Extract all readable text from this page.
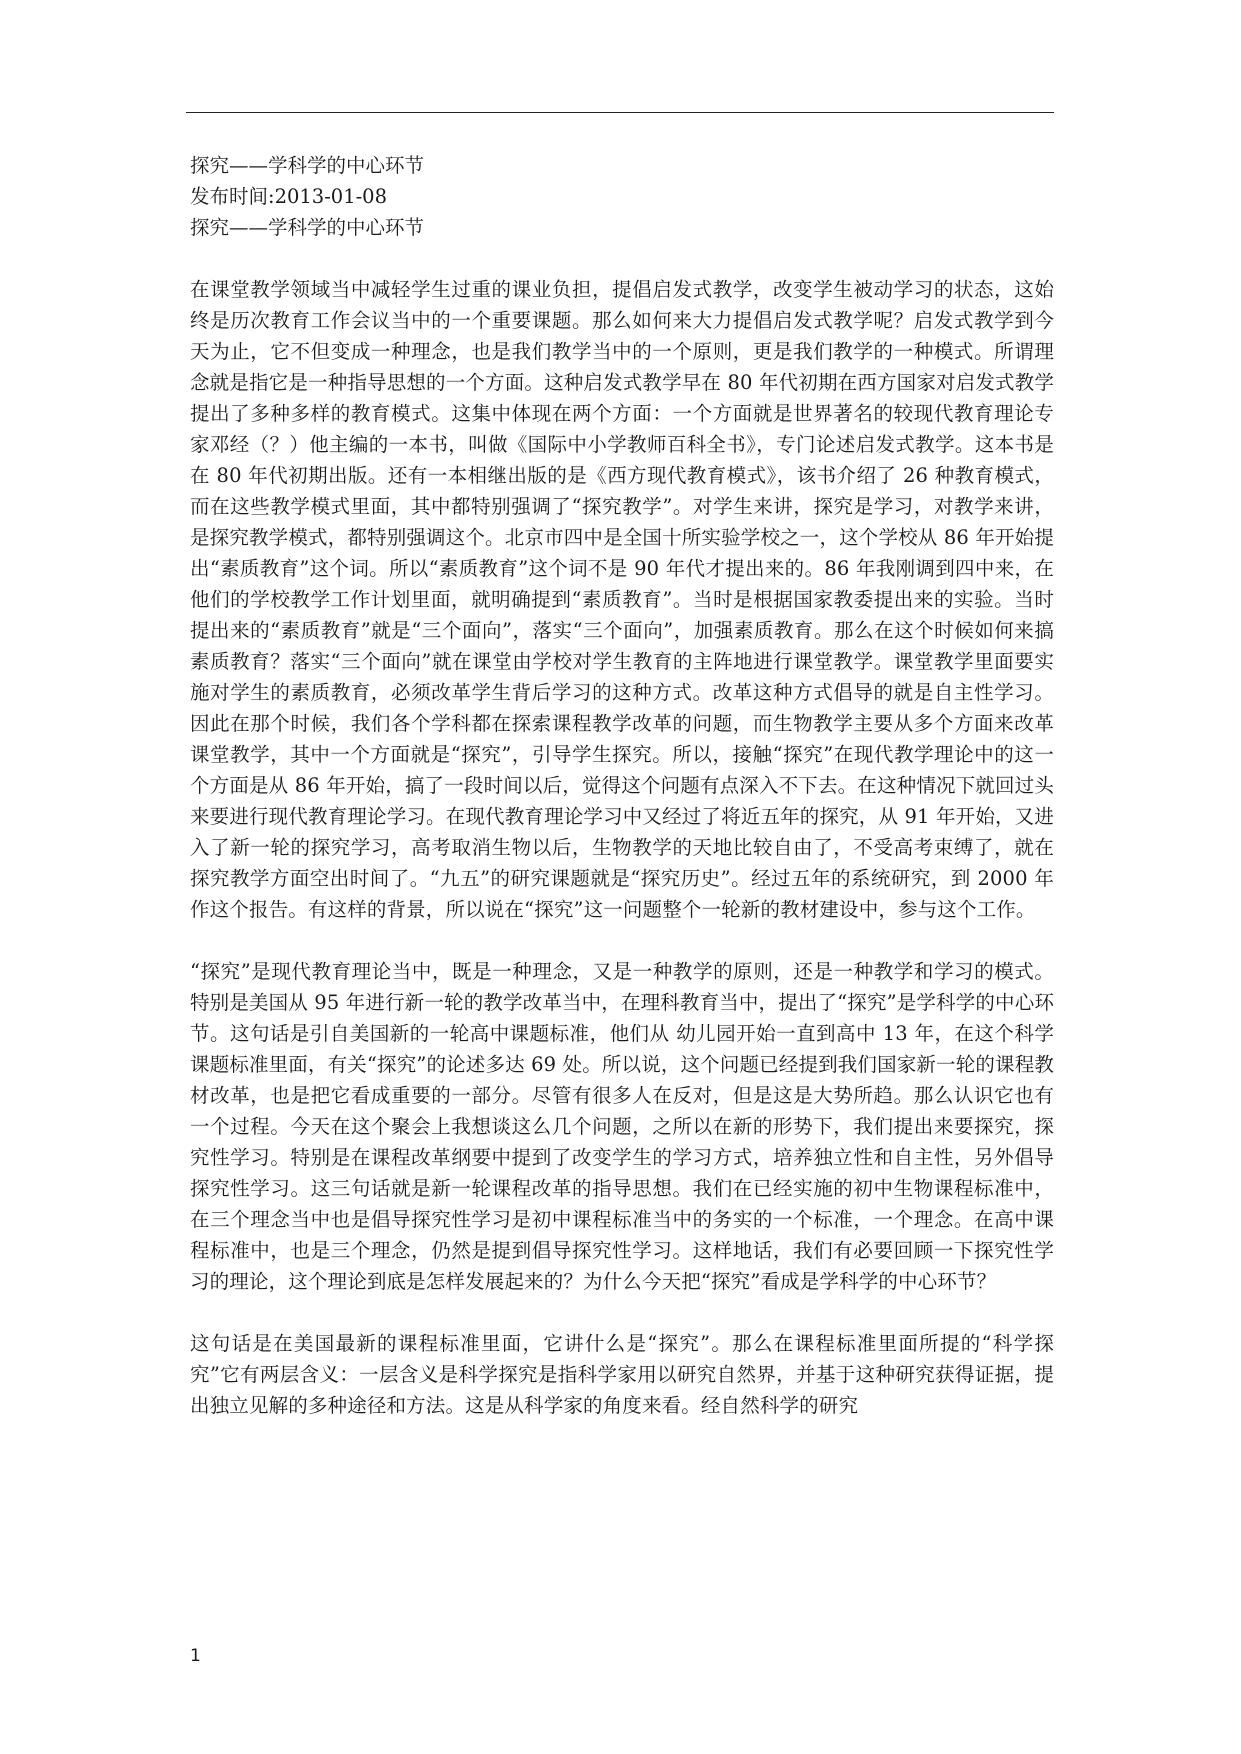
探究——学科学的中心环节
发布时间:2013-01-08
探究——学科学的中心环节

在课堂教学领域当中减轻学生过重的课业负担，提倡启发式教学，改变学生被动学习的状态，这始终是历次教育工作会议当中的一个重要课题。那么如何来大力提倡启发式教学呢？启发式教学到今天为止，它不但变成一种理念，也是我们教学当中的一个原则，更是我们教学的一种模式。所谓理念就是指它是一种指导思想的一个方面。这种启发式教学早在 80 年代初期在西方国家对启发式教学提出了多种多样的教育模式。这集中体现在两个方面：一个方面就是世界著名的较现代教育理论专家邓经（？）他主编的一本书，叫做《国际中小学教师百科全书》，专门论述启发式教学。这本书是在 80 年代初期出版。还有一本相继出版的是《西方现代教育模式》，该书介绍了 26 种教育模式，而在这些教学模式里面，其中都特别强调了“探究教学”。对学生来讲，探究是学习，对教学来讲，是探究教学模式，都特别强调这个。北京市四中是全国十所实验学校之一，这个学校从 86 年开始提出“素质教育”这个词。所以“素质教育”这个词不是 90 年代才提出来的。86 年我刚调到四中来，在他们的学校教学工作计划里面，就明确提到“素质教育”。当时是根据国家教委提出来的实验。当时提出来的“素质教育”就是“三个面向”，落实“三个面向”，加强素质教育。那么在这个时候如何来搞素质教育？落实“三个面向”就在课堂由学校对学生教育的主阵地进行课堂教学。课堂教学里面要实施对学生的素质教育，必须改革学生背后学习的这种方式。改革这种方式倡导的就是自主性学习。因此在那个时候，我们各个学科都在探索课程教学改革的问题，而生物教学主要从多个方面来改革课堂教学，其中一个方面就是“探究”，引导学生探究。所以，接触“探究”在现代教学理论中的这一个方面是从 86 年开始，搞了一段时间以后，觉得这个问题有点深入不下去。在这种情况下就回过头来要进行现代教育理论学习。在现代教育理论学习中又经过了将近五年的探究，从 91 年开始，又进入了新一轮的探究学习，高考取消生物以后，生物教学的天地比较自由了，不受高考束缚了，就在探究教学方面空出时间了。“九五”的研究课题就是“探究历史”。经过五年的系统研究，到 2000 年作这个报告。有这样的背景，所以说在“探究”这一问题整个一轮新的教材建设中，参与这个工作。

“探究”是现代教育理论当中，既是一种理念，又是一种教学的原则，还是一种教学和学习的模式。特别是美国从 95 年进行新一轮的教学改革当中，在理科教育当中，提出了“探究”是学科学的中心环节。这句话是引自美国新的一轮高中课题标准，他们从 幼儿园开始一直到高中 13 年，在这个科学课题标准里面，有关“探究”的论述多达 69 处。所以说，这个问题已经提到我们国家新一轮的课程教材改革，也是把它看成重要的一部分。尽管有很多人在反对，但是这是大势所趋。那么认识它也有一个过程。今天在这个聚会上我想谈这么几个问题，之所以在新的形势下，我们提出来要探究，探究性学习。特别是在课程改革纲要中提到了改变学生的学习方式，培养独立性和自主性，另外倡导探究性学习。这三句话就是新一轮课程改革的指导思想。我们在已经实施的初中生物课程标准中，在三个理念当中也是倡导探究性学习是初中课程标准当中的务实的一个标准，一个理念。在高中课程标准中，也是三个理念，仍然是提到倡导探究性学习。这样地话，我们有必要回顾一下探究性学习的理论，这个理论到底是怎样发展起来的？为什么今天把“探究”看成是学科学的中心环节？

这句话是在美国最新的课程标准里面，它讲什么是“探究”。那么在课程标准里面所提的“科学探究”它有两层含义：一层含义是科学探究是指科学家用以研究自然界，并基于这种研究获得证据，提出独立见解的多种途径和方法。这是从科学家的角度来看。经自然科学的研究

1
